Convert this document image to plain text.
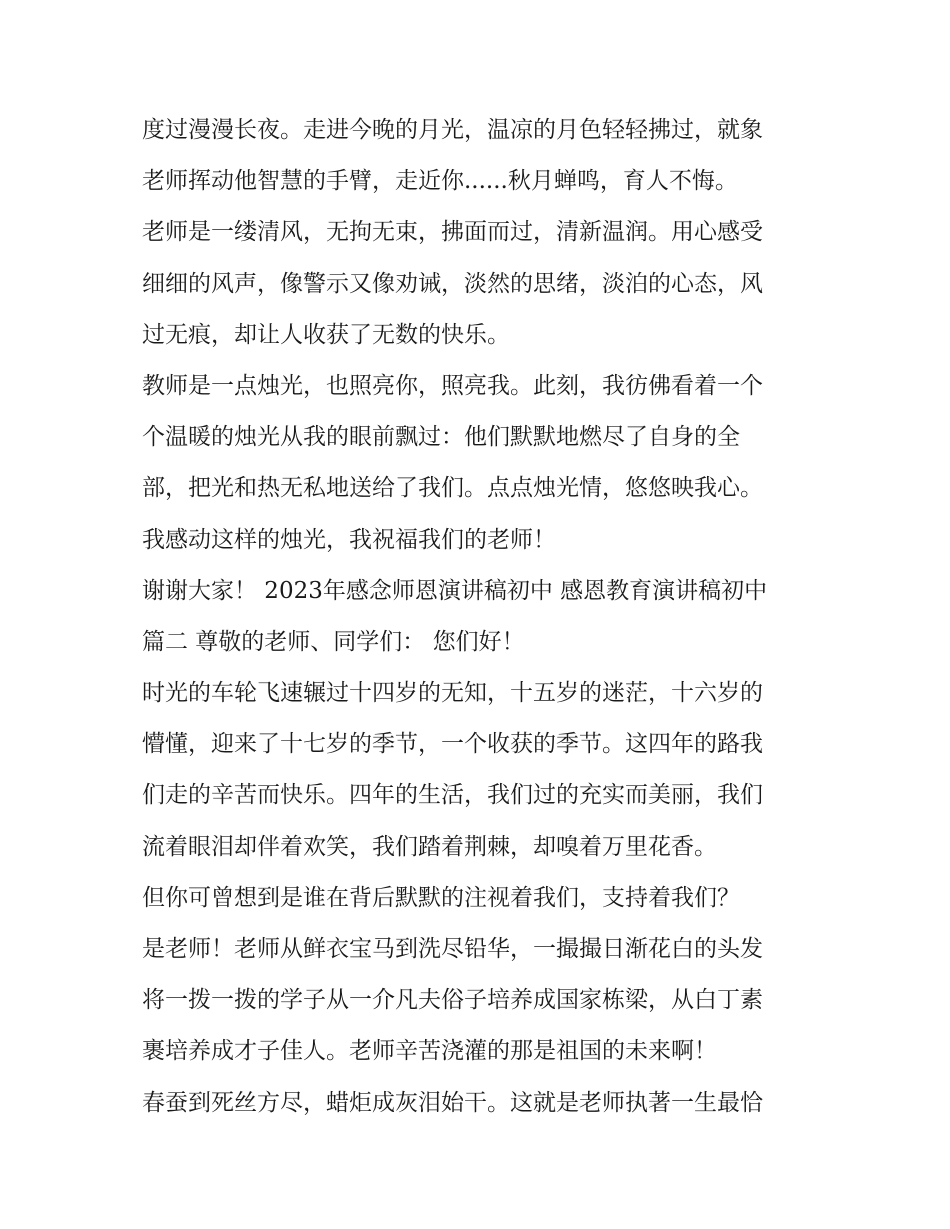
度过漫漫长夜。走进今晚的月光，温凉的月色轻轻拂过，就象
老师挥动他智慧的手臂，走近你......秋月蝉鸣，育人不悔。
老师是一缕清风，无拘无束，拂面而过，清新温润。用心感受
细细的风声，像警示又像劝诫，淡然的思绪，淡泊的心态，风
过无痕，却让人收获了无数的快乐。
教师是一点烛光，也照亮你，照亮我。此刻，我彷佛看着一个
个温暖的烛光从我的眼前飘过：他们默默地燃尽了自身的全
部，把光和热无私地送给了我们。点点烛光情，悠悠映我心。
我感动这样的烛光，我祝福我们的老师！
谢谢大家！ 2023年感念师恩演讲稿初中 感恩教育演讲稿初中
篇二 尊敬的老师、同学们： 您们好！
时光的车轮飞速辗过十四岁的无知，十五岁的迷茫，十六岁的
懵懂，迎来了十七岁的季节，一个收获的季节。这四年的路我
们走的辛苦而快乐。四年的生活，我们过的充实而美丽，我们
流着眼泪却伴着欢笑，我们踏着荆棘，却嗅着万里花香。
但你可曾想到是谁在背后默默的注视着我们，支持着我们？
是老师！老师从鲜衣宝马到洗尽铅华，一撮撮日渐花白的头发
将一拨一拨的学子从一介凡夫俗子培养成国家栋梁，从白丁素
裹培养成才子佳人。老师辛苦浇灌的那是祖国的未来啊！
春蚕到死丝方尽，蜡炬成灰泪始干。这就是老师执著一生最恰
